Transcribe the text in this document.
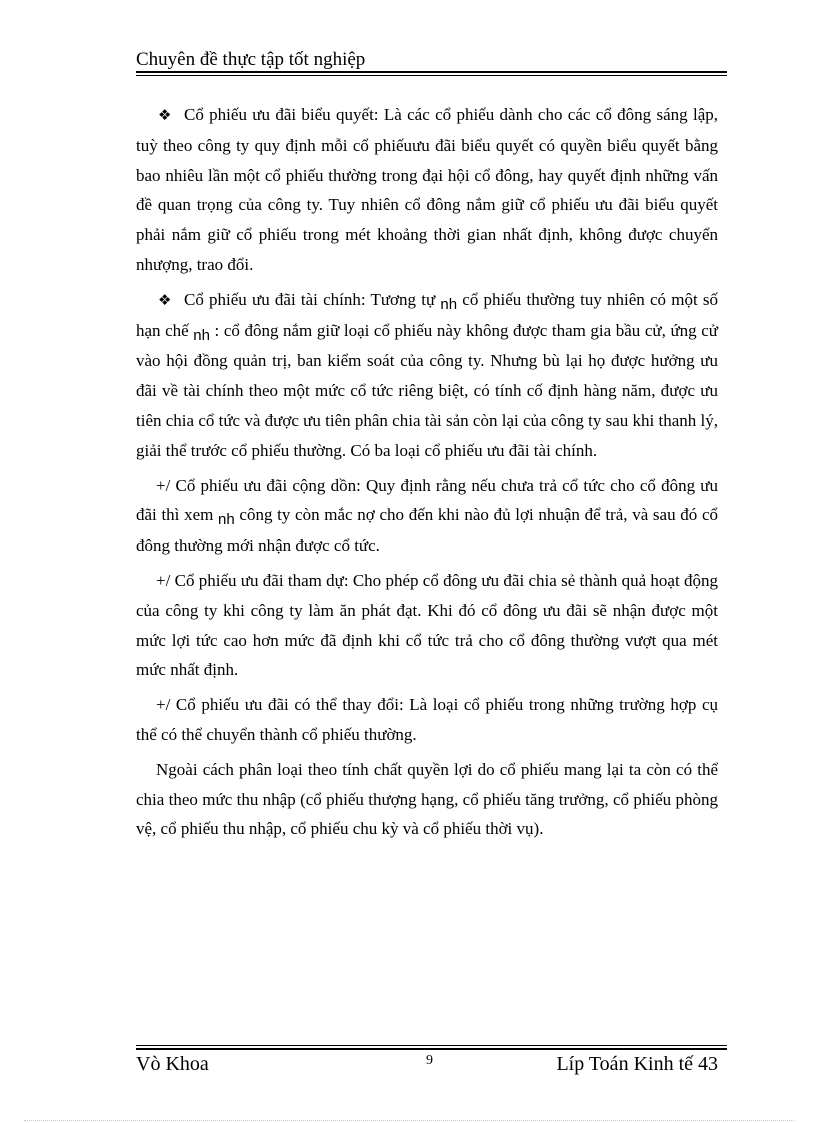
Chuyên đề thực tập tốt nghiệp

❖ Cổ phiếu ưu đãi biểu quyết: Là các cổ phiếu dành cho các cổ đông sáng lập, tuỳ theo công ty quy định mỗi cổ phiếuưu đãi biểu quyết có quyền biểu quyết bằng bao nhiêu lần một cổ phiếu thường trong đại hội cổ đông, hay quyết định những vấn đề quan trọng của công ty. Tuy nhiên cổ đông nắm giữ cổ phiếu ưu đãi biểu quyết phải nắm giữ cổ phiếu trong mét khoảng thời gian nhất định, không được chuyển nhượng, trao đổi.

❖ Cổ phiếu ưu đãi tài chính: Tương tự nh cổ phiếu thường tuy nhiên có một số hạn chế nh : cổ đông nắm giữ loại cổ phiếu này không được tham gia bầu cử, ứng cử vào hội đồng quản trị, ban kiểm soát của công ty. Nhưng bù lại họ được hưởng ưu đãi về tài chính theo một mức cổ tức riêng biệt, có tính cố định hàng năm, được ưu tiên chia cổ tức và được ưu tiên phân chia tài sản còn lại của công ty sau khi thanh lý, giải thể trước cổ phiếu thường. Có ba loại cổ phiếu ưu đãi tài chính.

+/ Cổ phiếu ưu đãi cộng dồn: Quy định rằng nếu chưa trả cổ tức cho cổ đông ưu đãi thì xem nh công ty còn mắc nợ cho đến khi nào đủ lợi nhuận để trả, và sau đó cổ đông thường mới nhận được cổ tức.

+/ Cổ phiếu ưu đãi tham dự: Cho phép cổ đông ưu đãi chia sẻ thành quả hoạt động của công ty khi công ty làm ăn phát đạt. Khi đó cổ đông ưu đãi sẽ nhận được một mức lợi tức cao hơn mức đã định khi cổ tức trả cho cổ đông thường vượt qua mét mức nhất định.

+/ Cổ phiếu ưu đãi có thể thay đổi: Là loại cổ phiếu trong những trường hợp cụ thể có thể chuyển thành cổ phiếu thường.

Ngoài cách phân loại theo tính chất quyền lợi do cổ phiếu mang lại ta còn có thể chia theo mức thu nhập (cổ phiếu thượng hạng, cổ phiếu tăng trưởng, cổ phiếu phòng vệ, cổ phiếu thu nhập, cổ phiếu chu kỳ và cổ phiếu thời vụ).

Vò Khoa	9	Líp Toán Kinh tế 43
